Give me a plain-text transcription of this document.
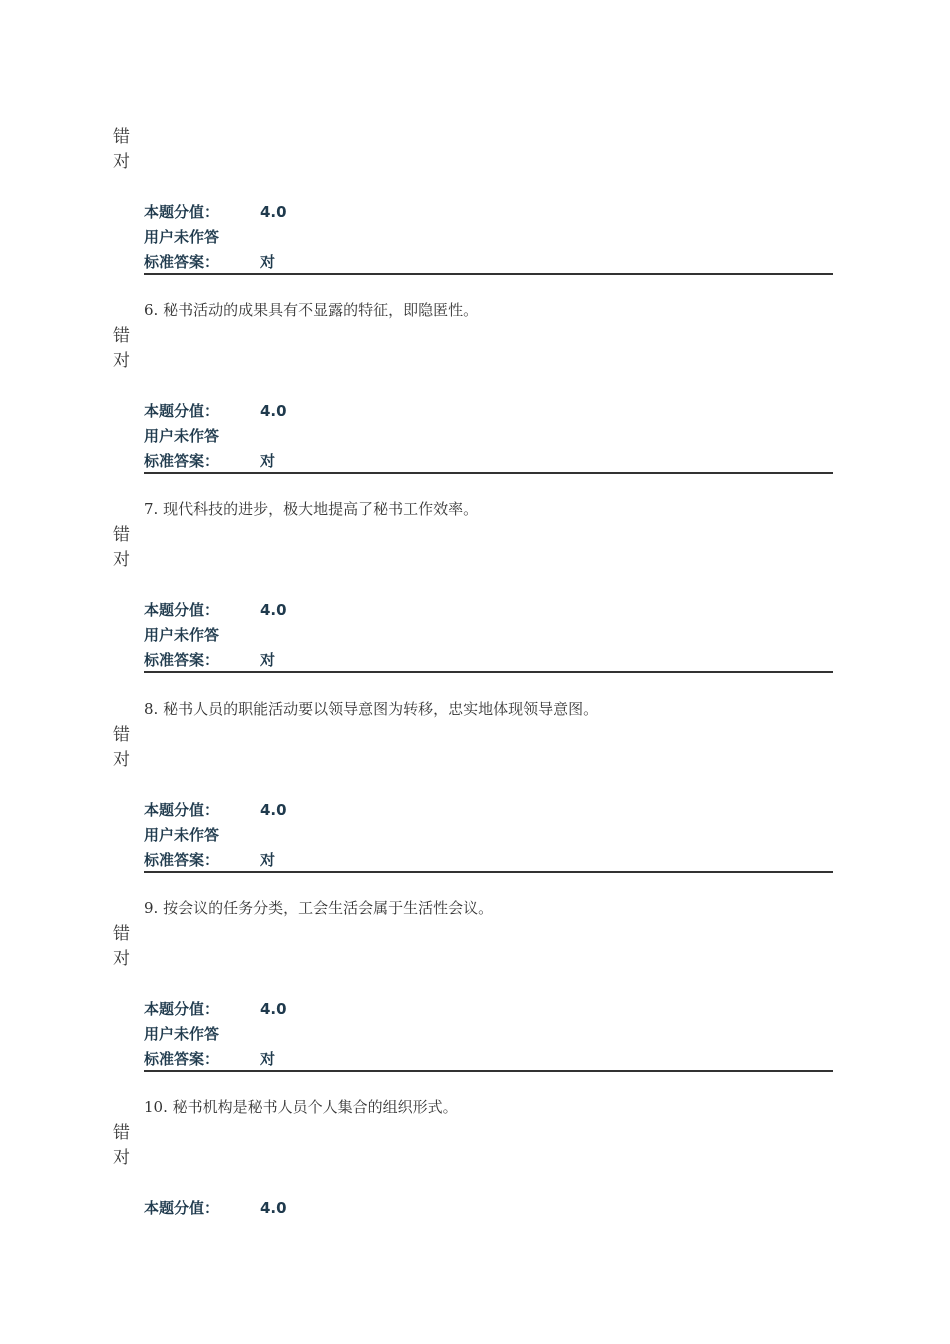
错
对
本题分值：	4.0
用户未作答
标准答案：	对
6. 秘书活动的成果具有不显露的特征，即隐匿性。
错
对
本题分值：	4.0
用户未作答
标准答案：	对
7. 现代科技的进步，极大地提高了秘书工作效率。
错
对
本题分值：	4.0
用户未作答
标准答案：	对
8. 秘书人员的职能活动要以领导意图为转移，忠实地体现领导意图。
错
对
本题分值：	4.0
用户未作答
标准答案：	对
9. 按会议的任务分类，工会生活会属于生活性会议。
错
对
本题分值：	4.0
用户未作答
标准答案：	对
10. 秘书机构是秘书人员个人集合的组织形式。
错
对
本题分值：	4.0
